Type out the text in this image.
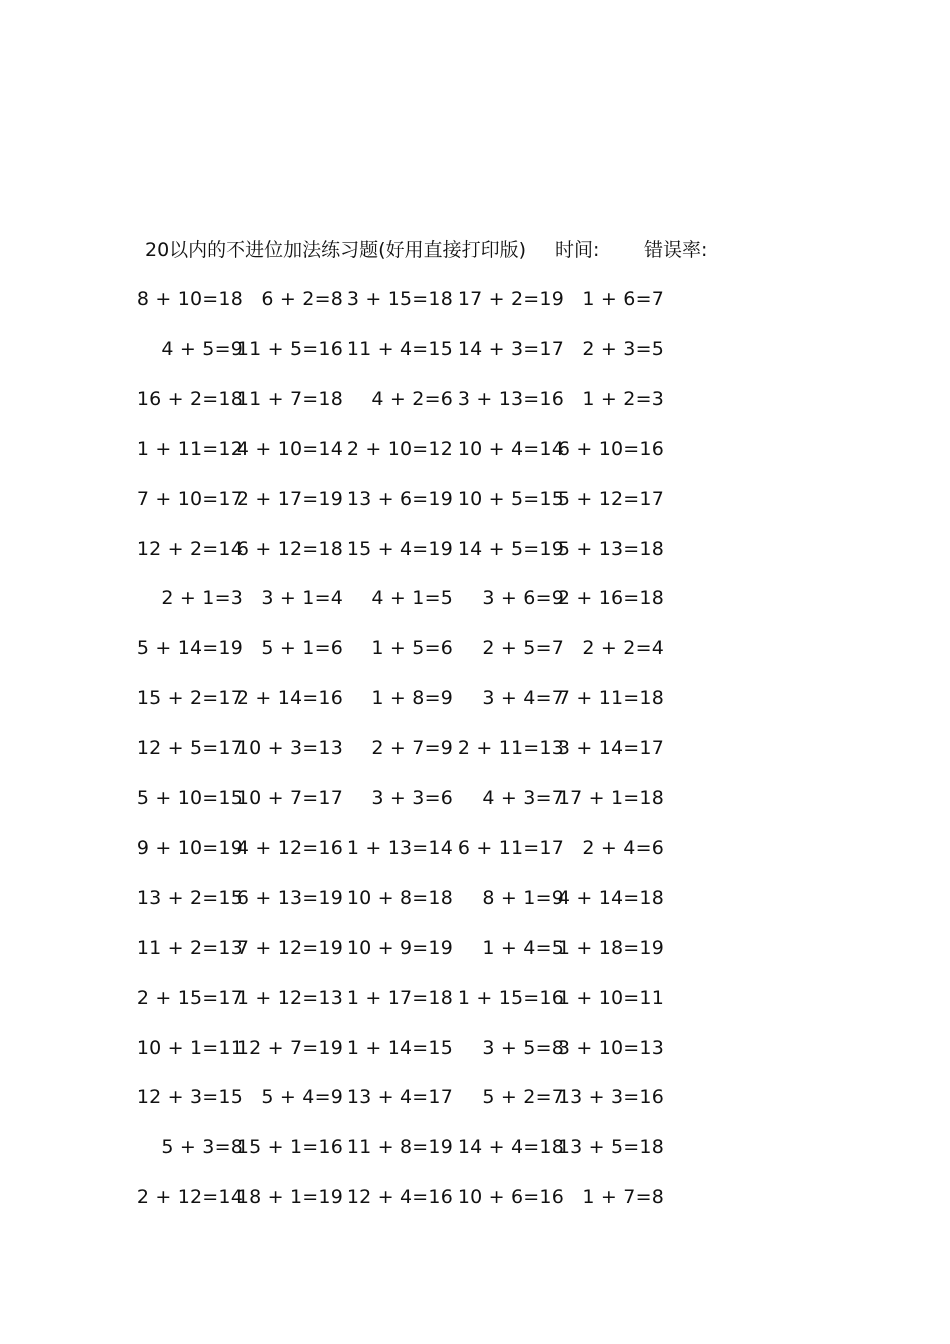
20以内的不进位加法练习题(好用直接打印版) 时间: 错误率:
8 + 10=18 6 + 2=8 3 + 15=18 17 + 2=19 1 + 6=7
4 + 5=9
11 + 5=16 11 + 4=15 14 + 3=17 2 + 3=5
16 + 2=18
11 + 7=18 4 + 2=6 3 + 13=16 1 + 2=3
1 + 11=12
4 + 10=14 2 + 10=12 10 + 4=14
6 + 10=16
7 + 10=17
2 + 17=19 13 + 6=19 10 + 5=15
5 + 12=17
12 + 2=14
6 + 12=18 15 + 4=19 14 + 5=19
5 + 13=18
2 + 1=3 3 + 1=4 4 + 1=5 3 + 6=9
2 + 16=18
5 + 14=19 5 + 1=6 1 + 5=6 2 + 5=7 2 + 2=4
15 + 2=17
2 + 14=16 1 + 8=9 3 + 4=7
7 + 11=18
12 + 5=17
10 + 3=13 2 + 7=9 2 + 11=13
3 + 14=17
5 + 10=15
10 + 7=17 3 + 3=6 4 + 3=7
17 + 1=18
9 + 10=19
4 + 12=16 1 + 13=14 6 + 11=17 2 + 4=6
13 + 2=15
6 + 13=19 10 + 8=18 8 + 1=9
4 + 14=18
11 + 2=13
7 + 12=19 10 + 9=19 1 + 4=5
1 + 18=19
2 + 15=17
1 + 12=13 1 + 17=18 1 + 15=16
1 + 10=11
10 + 1=11
12 + 7=19 1 + 14=15 3 + 5=8
3 + 10=13
12 + 3=15 5 + 4=9 13 + 4=17 5 + 2=7
13 + 3=16
5 + 3=8
15 + 1=16 11 + 8=19 14 + 4=18
13 + 5=18
2 + 12=14
18 + 1=19 12 + 4=16 10 + 6=16 1 + 7=8
